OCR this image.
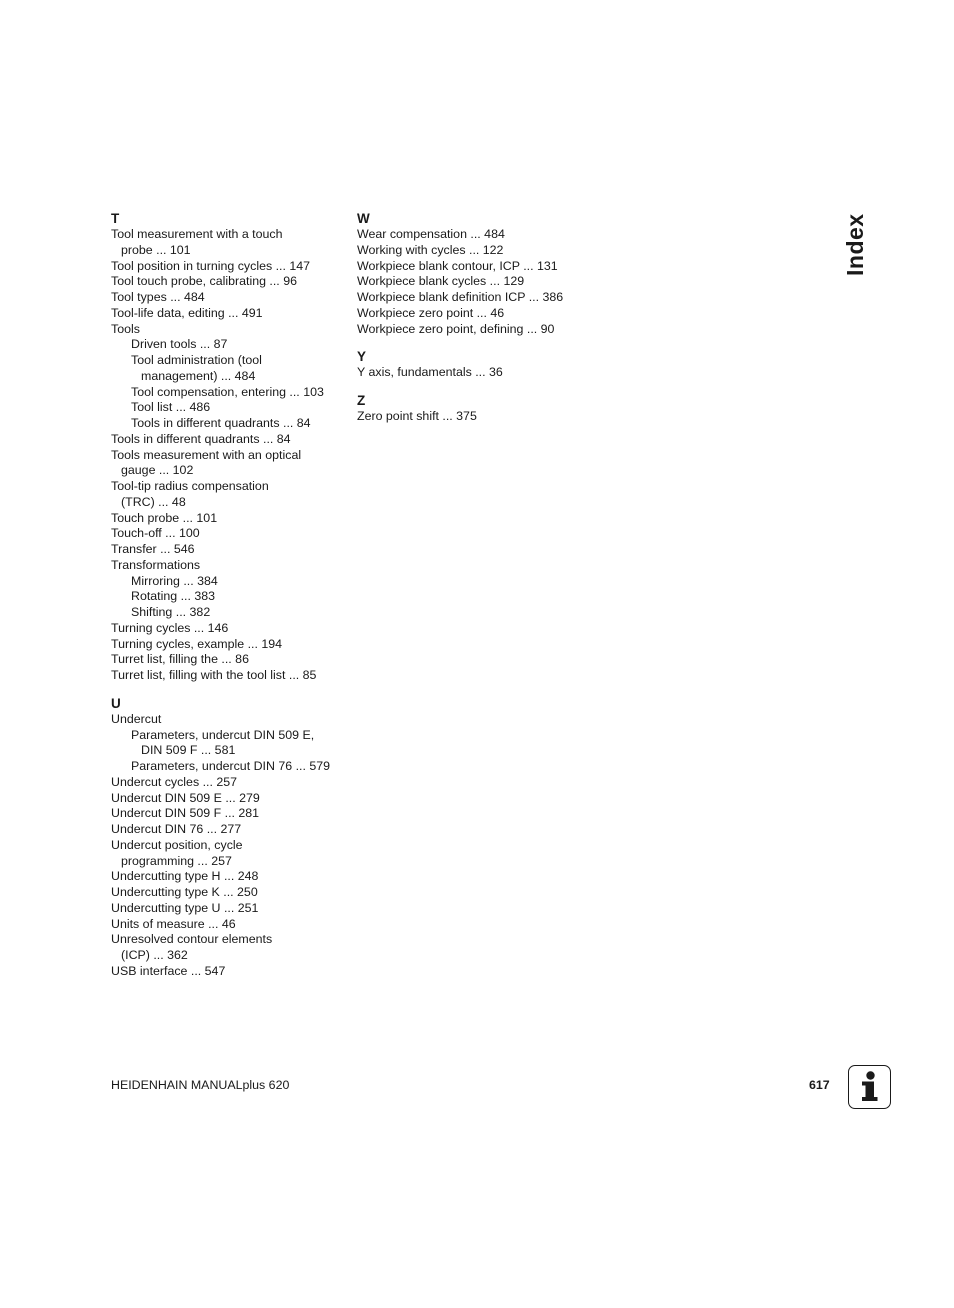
T
Tool measurement with a touch
probe ... 101
Tool position in turning cycles ... 147
Tool touch probe, calibrating ... 96
Tool types ... 484
Tool-life data, editing ... 491
Tools
Driven tools ... 87
Tool administration (tool
management) ... 484
Tool compensation, entering ... 103
Tool list ... 486
Tools in different quadrants ... 84
Tools in different quadrants ... 84
Tools measurement with an optical
gauge ... 102
Tool-tip radius compensation
(TRC) ... 48
Touch probe ... 101
Touch-off ... 100
Transfer ... 546
Transformations
Mirroring ... 384
Rotating ... 383
Shifting ... 382
Turning cycles ... 146
Turning cycles, example ... 194
Turret list, filling the ... 86
Turret list, filling with the tool list ... 85
U
Undercut
Parameters, undercut DIN 509 E,
DIN 509 F ... 581
Parameters, undercut DIN 76 ... 579
Undercut cycles ... 257
Undercut DIN 509 E ... 279
Undercut DIN 509 F ... 281
Undercut DIN 76 ... 277
Undercut position, cycle
programming ... 257
Undercutting type H ... 248
Undercutting type K ... 250
Undercutting type U ... 251
Units of measure ... 46
Unresolved contour elements
(ICP) ... 362
USB interface ... 547
W
Wear compensation ... 484
Working with cycles ... 122
Workpiece blank contour, ICP ... 131
Workpiece blank cycles ... 129
Workpiece blank definition ICP ... 386
Workpiece zero point ... 46
Workpiece zero point, defining ... 90
Y
Y axis, fundamentals ... 36
Z
Zero point shift ... 375
Index
HEIDENHAIN MANUALplus 620	617
